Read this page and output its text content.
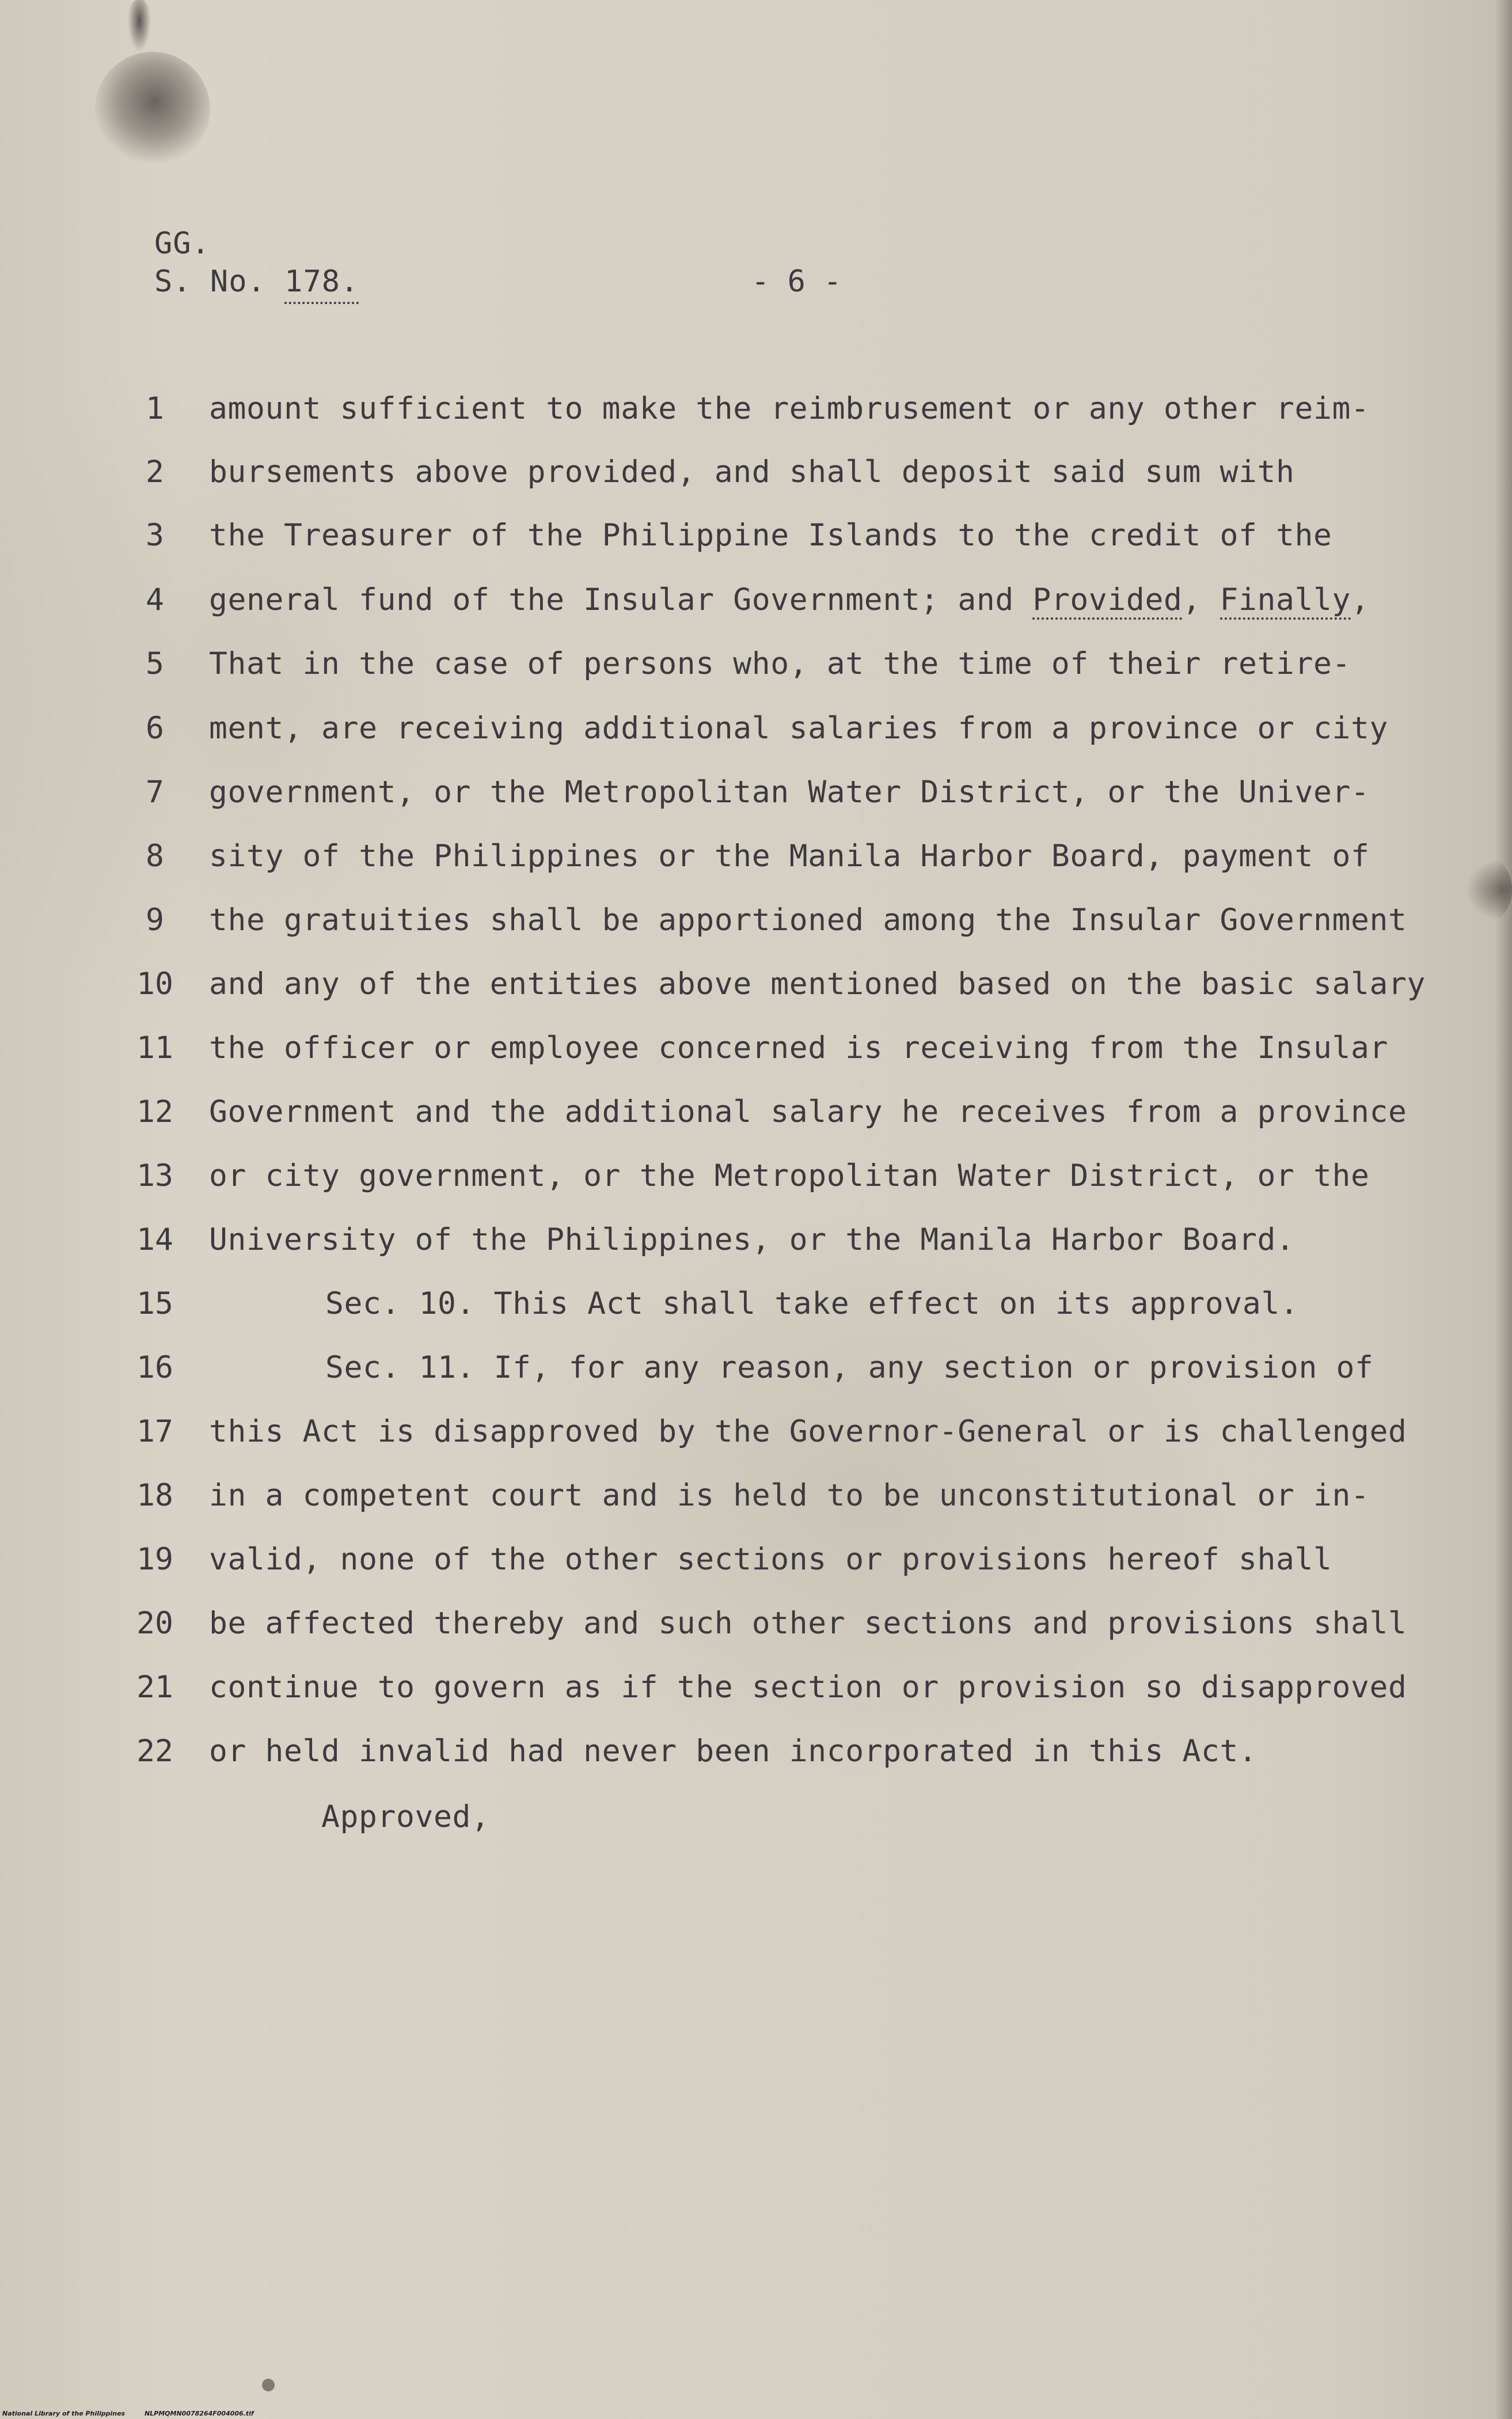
GG.
S. No. 178.	- 6 -
1	amount sufficient to make the reimbrusement or any other reim-
2	bursements above provided, and shall deposit said sum with
3	the Treasurer of the Philippine Islands to the credit of the
4	general fund of the Insular Government; and Provided, Finally,
5	That in the case of persons who, at the time of their retire-
6	ment, are receiving additional salaries from a province or city
7	government, or the Metropolitan Water District, or the Univer-
8	sity of the Philippines or the Manila Harbor Board, payment of
9	the gratuities shall be apportioned among the Insular Government
10 and any of the entities above mentioned based on the basic salary
11 the officer or employee concerned is receiving from the Insular
12 Government and the additional salary he receives from a province
13 or city government, or the Metropolitan Water District, or the
14 University of the Philippines, or the Manila Harbor Board.
15	Sec. 10. This Act shall take effect on its approval.
16	Sec. 11. If, for any reason, any section or provision of
17 this Act is disapproved by the Governor-General or is challenged
18 in a competent court and is held to be unconstitutional or in-
19 valid, none of the other sections or provisions hereof shall
20 be affected thereby and such other sections and provisions shall
21 continue to govern as if the section or provision so disapproved
22 or held invalid had never been incorporated in this Act.
Approved,
National Library of the Philippines	NLPMQMN0078264F004006.tif
